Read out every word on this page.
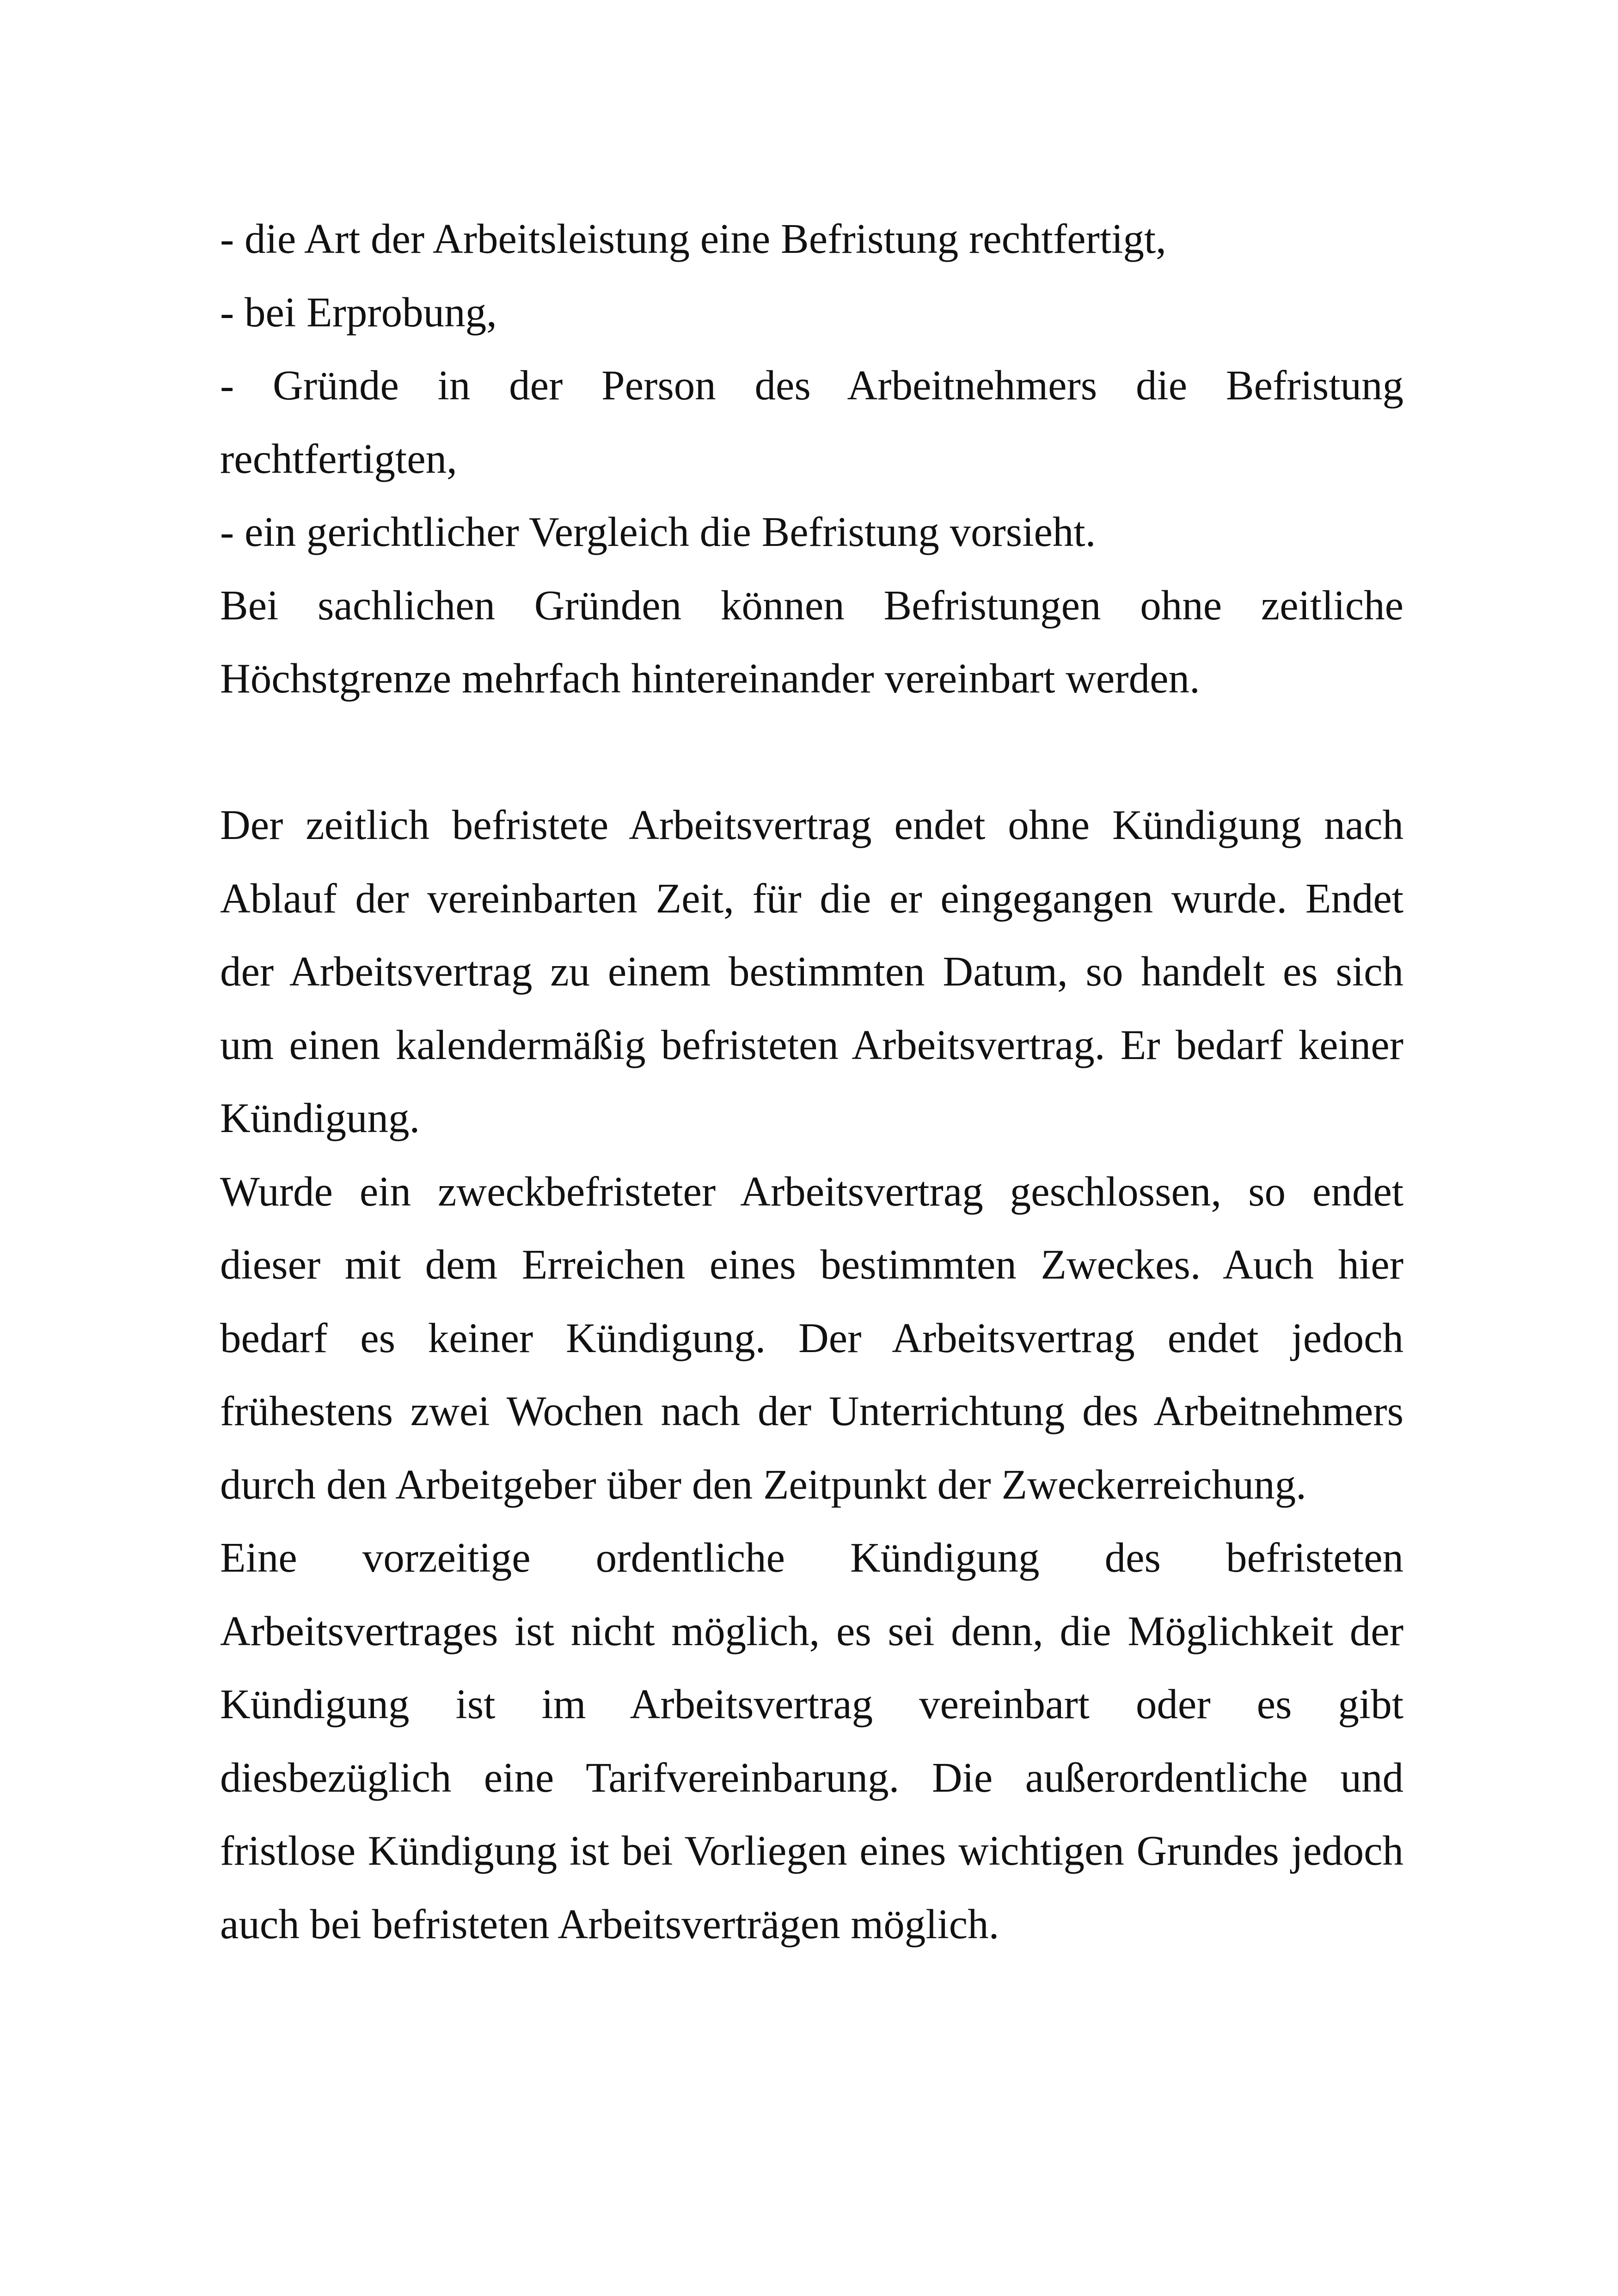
- die Art der Arbeitsleistung eine Befristung rechtfertigt,
- bei Erprobung,
- Gründe in der Person des Arbeitnehmers die Befristung
rechtfertigten,
- ein gerichtlicher Vergleich die Befristung vorsieht.
Bei sachlichen Gründen können Befristungen ohne zeitliche
Höchstgrenze mehrfach hintereinander vereinbart werden.
Der zeitlich befristete Arbeitsvertrag endet ohne Kündigung nach
Ablauf der vereinbarten Zeit, für die er eingegangen wurde. Endet
der Arbeitsvertrag zu einem bestimmten Datum, so handelt es sich
um einen kalendermäßig befristeten Arbeitsvertrag. Er bedarf keiner
Kündigung.
Wurde ein zweckbefristeter Arbeitsvertrag geschlossen, so endet
dieser mit dem Erreichen eines bestimmten Zweckes. Auch hier
bedarf es keiner Kündigung. Der Arbeitsvertrag endet jedoch
frühestens zwei Wochen nach der Unterrichtung des Arbeitnehmers
durch den Arbeitgeber über den Zeitpunkt der Zweckerreichung.
Eine vorzeitige ordentliche Kündigung des befristeten
Arbeitsvertrages ist nicht möglich, es sei denn, die Möglichkeit der
Kündigung ist im Arbeitsvertrag vereinbart oder es gibt
diesbezüglich eine Tarifvereinbarung. Die außerordentliche und
fristlose Kündigung ist bei Vorliegen eines wichtigen Grundes jedoch
auch bei befristeten Arbeitsverträgen möglich.
